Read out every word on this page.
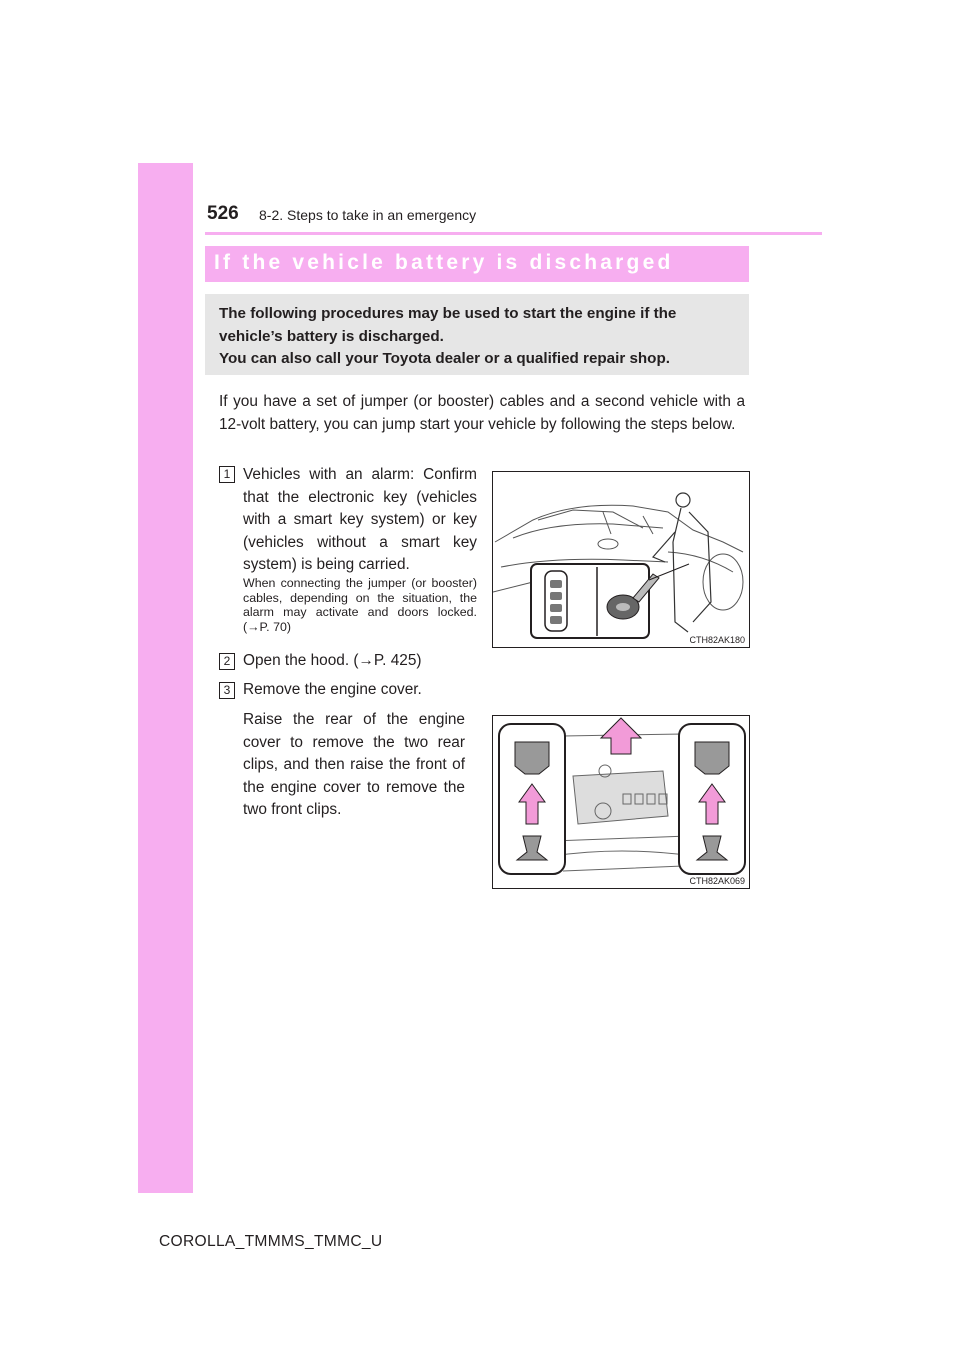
526 8-2. Steps to take in an emergency
If the vehicle battery is discharged
The following procedures may be used to start the engine if the
vehicle’s battery is discharged.
You can also call your Toyota dealer or a qualified repair shop.
If you have a set of jumper (or booster) cables and a second vehicle with a 12-volt battery, you can jump start your vehicle by following the steps below.
1 Vehicles with an alarm: Confirm that the electronic key (vehicles with a smart key system) or key (vehicles without a smart key system) is being carried.
When connecting the jumper (or booster) cables, depending on the situation, the alarm may activate and doors locked. (→P. 70)
2 Open the hood. (→P. 425)
3 Remove the engine cover.
Raise the rear of the engine cover to remove the two rear clips, and then raise the front of the engine cover to remove the two front clips.
CTH82AK180
CTH82AK069
COROLLA_TMMMS_TMMC_U
